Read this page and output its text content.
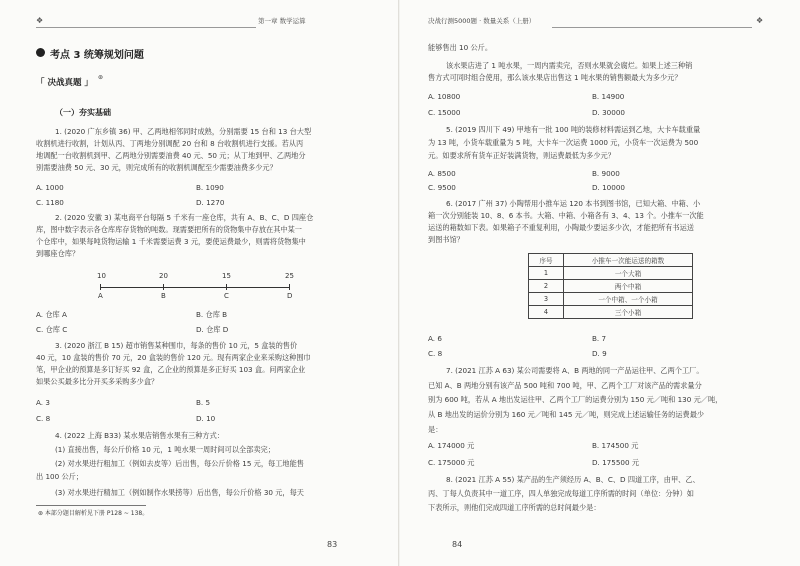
❖	第一章 数学运算
考点 3 统筹规划问题
「 决战真题 」
⊛
（一）夯实基础
1. (2020 广东乡镇 36) 甲、乙两地相邻同时成熟，分别需要 15 台和 13 台大型
收割机进行收割，计划从丙、丁两地分别调配 20 台和 8 台收割机进行支援。若从丙
地调配一台收割机到甲、乙两地分别需要油费 40 元、50 元；从丁地到甲、乙两地分
别需要油费 50 元、30 元，则完成所有的收割机调配至少需要油费多少元？
A. 1000	B. 1090
C. 1180	D. 1270
2. (2020 安徽 3) 某电商平台每隔 5 千米有一座仓库，共有 A、B、C、D 四座仓
库，图中数字表示各仓库库存货物的吨数。现需要把所有的货物集中存放在其中某一
个仓库中，如果每吨货物运输 1 千米需要运费 3 元，要使运费最少，则需将货物集中
到哪座仓库？
10	20	15	25
A	B	C	D
A. 仓库 A	B. 仓库 B
C. 仓库 C	D. 仓库 D
3. (2020 浙江 B 15) 超市销售某种围巾，每条的售价 10 元，5 盒装的售价
40 元，10 盒装的售价 70 元，20 盒装的售价 120 元。现有两家企业来采购这种围巾
笔，甲企业的预算是多订好买 92 盒，乙企业的预算是多正好买 103 盒。问两家企业
如果公买最多比分开买多采购多少盒？
A. 3	B. 5
C. 8	D. 10
4. (2022 上海 B33) 某水果店销售水果有三种方式：
(1) 直接出售，每公斤价格 10 元，1 吨水果一周时间可以全部卖完；
(2) 对水果进行粗加工（例如去皮等）后出售，每公斤价格 15 元，每工地能售
出 100 公斤；
(3) 对水果进行精加工（例如制作水果捞等）后出售，每公斤价格 30 元，每天
⊛ 本部分题目解析见下册 P128 ~ 138。
83
决战行测5000题 · 数量关系（上册）	❖
能够售出 10 公斤。
该水果店进了 1 吨水果，一周内需卖完，否则水果就会腐烂。如果上述三种销
售方式可同时组合使用，那么该水果店出售这 1 吨水果的销售额最大为多少元？
A. 10800	B. 14900
C. 15000	D. 30000
5. (2019 四川下 49) 甲地有一批 100 吨的装修材料需运到乙地，大卡车载重量
为 13 吨，小货车载重量为 5 吨，大卡车一次运费 1000 元，小货车一次运费为 500
元。如要求所有货车正好装满货物，则运费最低为多少元？
A. 8500	B. 9000
C. 9500	D. 10000
6. (2017 广州 37) 小陶帮用小推车运 120 本书到图书馆，已知大箱、中箱、小
箱一次分别能装 10、8、6 本书。大箱、中箱、小箱各有 3、4、13 个。小推车一次能
运送的箱数如下表。如果箱子不重复利用，小陶最少要运多少次，才能把所有书运送
到图书馆？
序号	小推车一次能运送的箱数
1	一个大箱
2	两个中箱
3	一个中箱、一个小箱
4	三个小箱
A. 6	B. 7
C. 8	D. 9
7. (2021 江苏 A 63) 某公司需要将 A、B 两地的同一产品运往甲、乙两个工厂。
已知 A、B 两地分别有该产品 500 吨和 700 吨，甲、乙两个工厂对该产品的需求量分
别为 600 吨，若从 A 地出发运往甲、乙两个工厂的运费分别为 150 元／吨和 130 元／吨，
从 B 地出发的运价分别为 160 元／吨和 145 元／吨，则完成上述运输任务的运费最少
是：
A. 174000 元	B. 174500 元
C. 175000 元	D. 175500 元
8. (2021 江苏 A 55) 某产品的生产须经历 A、B、C、D 四道工序，由甲、乙、
丙、丁每人负责其中一道工序，四人单独完成每道工序所需的时间（单位：分钟）如
下表所示，则他们完成四道工序所需的总时间最少是：
84
